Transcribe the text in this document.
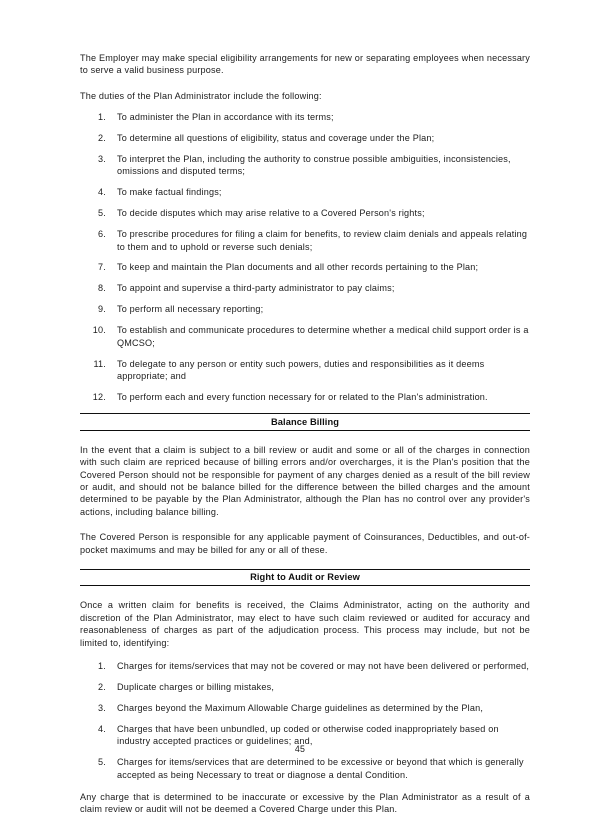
The Employer may make special eligibility arrangements for new or separating employees when necessary to serve a valid business purpose.

The duties of the Plan Administrator include the following:

1. To administer the Plan in accordance with its terms;
2. To determine all questions of eligibility, status and coverage under the Plan;
3. To interpret the Plan, including the authority to construe possible ambiguities, inconsistencies, omissions and disputed terms;
4. To make factual findings;
5. To decide disputes which may arise relative to a Covered Person's rights;
6. To prescribe procedures for filing a claim for benefits, to review claim denials and appeals relating to them and to uphold or reverse such denials;
7. To keep and maintain the Plan documents and all other records pertaining to the Plan;
8. To appoint and supervise a third-party administrator to pay claims;
9. To perform all necessary reporting;
10. To establish and communicate procedures to determine whether a medical child support order is a QMCSO;
11. To delegate to any person or entity such powers, duties and responsibilities as it deems appropriate; and
12. To perform each and every function necessary for or related to the Plan's administration.
Balance Billing

In the event that a claim is subject to a bill review or audit and some or all of the charges in connection with such claim are repriced because of billing errors and/or overcharges, it is the Plan's position that the Covered Person should not be responsible for payment of any charges denied as a result of the bill review or audit, and should not be balance billed for the difference between the billed charges and the amount determined to be payable by the Plan Administrator, although the Plan has no control over any provider's actions, including balance billing.

The Covered Person is responsible for any applicable payment of Coinsurances, Deductibles, and out-of-pocket maximums and may be billed for any or all of these.

Right to Audit or Review

Once a written claim for benefits is received, the Claims Administrator, acting on the authority and discretion of the Plan Administrator, may elect to have such claim reviewed or audited for accuracy and reasonableness of charges as part of the adjudication process. This process may include, but not be limited to, identifying:

1. Charges for items/services that may not be covered or may not have been delivered or performed,
2. Duplicate charges or billing mistakes,
3. Charges beyond the Maximum Allowable Charge guidelines as determined by the Plan,
4. Charges that have been unbundled, up coded or otherwise coded inappropriately based on industry accepted practices or guidelines; and,
5. Charges for items/services that are determined to be excessive or beyond that which is generally accepted as being Necessary to treat or diagnose a dental Condition.

Any charge that is determined to be inaccurate or excessive by the Plan Administrator as a result of a claim review or audit will not be deemed a Covered Charge under this Plan.

45
